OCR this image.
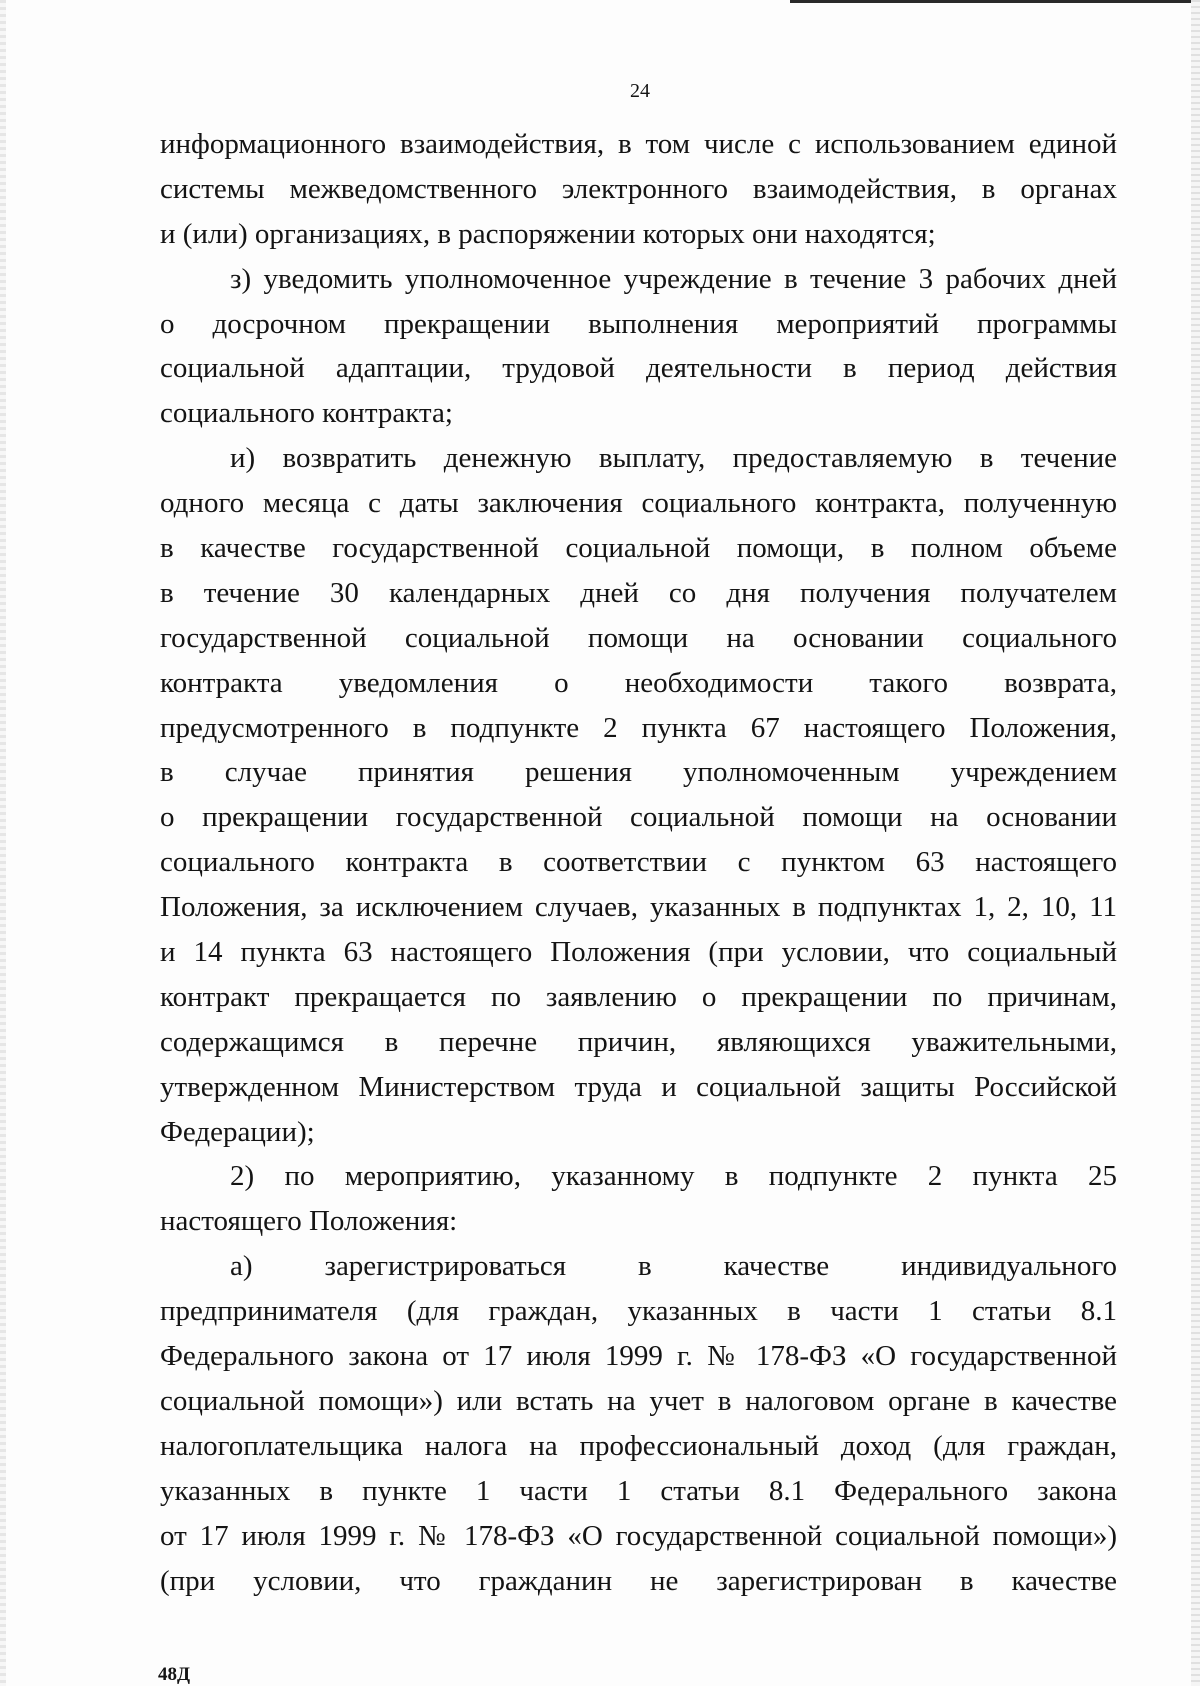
24
информационного взаимодействия, в том числе с использованием единой
системы межведомственного электронного взаимодействия, в органах
и (или) организациях, в распоряжении которых они находятся;
з) уведомить уполномоченное учреждение в течение 3 рабочих дней
о досрочном прекращении выполнения мероприятий программы
социальной адаптации, трудовой деятельности в период действия
социального контракта;
и) возвратить денежную выплату, предоставляемую в течение
одного месяца с даты заключения социального контракта, полученную
в качестве государственной социальной помощи, в полном объеме
в течение 30 календарных дней со дня получения получателем
государственной социальной помощи на основании социального
контракта уведомления о необходимости такого возврата,
предусмотренного в подпункте 2 пункта 67 настоящего Положения,
в случае принятия решения уполномоченным учреждением
о прекращении государственной социальной помощи на основании
социального контракта в соответствии с пунктом 63 настоящего
Положения, за исключением случаев, указанных в подпунктах 1, 2, 10, 11
и 14 пункта 63 настоящего Положения (при условии, что социальный
контракт прекращается по заявлению о прекращении по причинам,
содержащимся в перечне причин, являющихся уважительными,
утвержденном Министерством труда и социальной защиты Российской
Федерации);
2) по мероприятию, указанному в подпункте 2 пункта 25
настоящего Положения:
а) зарегистрироваться в качестве индивидуального
предпринимателя (для граждан, указанных в части 1 статьи 8.1
Федерального закона от 17 июля 1999 г. № 178-ФЗ «О государственной
социальной помощи») или встать на учет в налоговом органе в качестве
налогоплательщика налога на профессиональный доход (для граждан,
указанных в пункте 1 части 1 статьи 8.1 Федерального закона
от 17 июля 1999 г. № 178-ФЗ «О государственной социальной помощи»)
(при условии, что гражданин не зарегистрирован в качестве
48Д
